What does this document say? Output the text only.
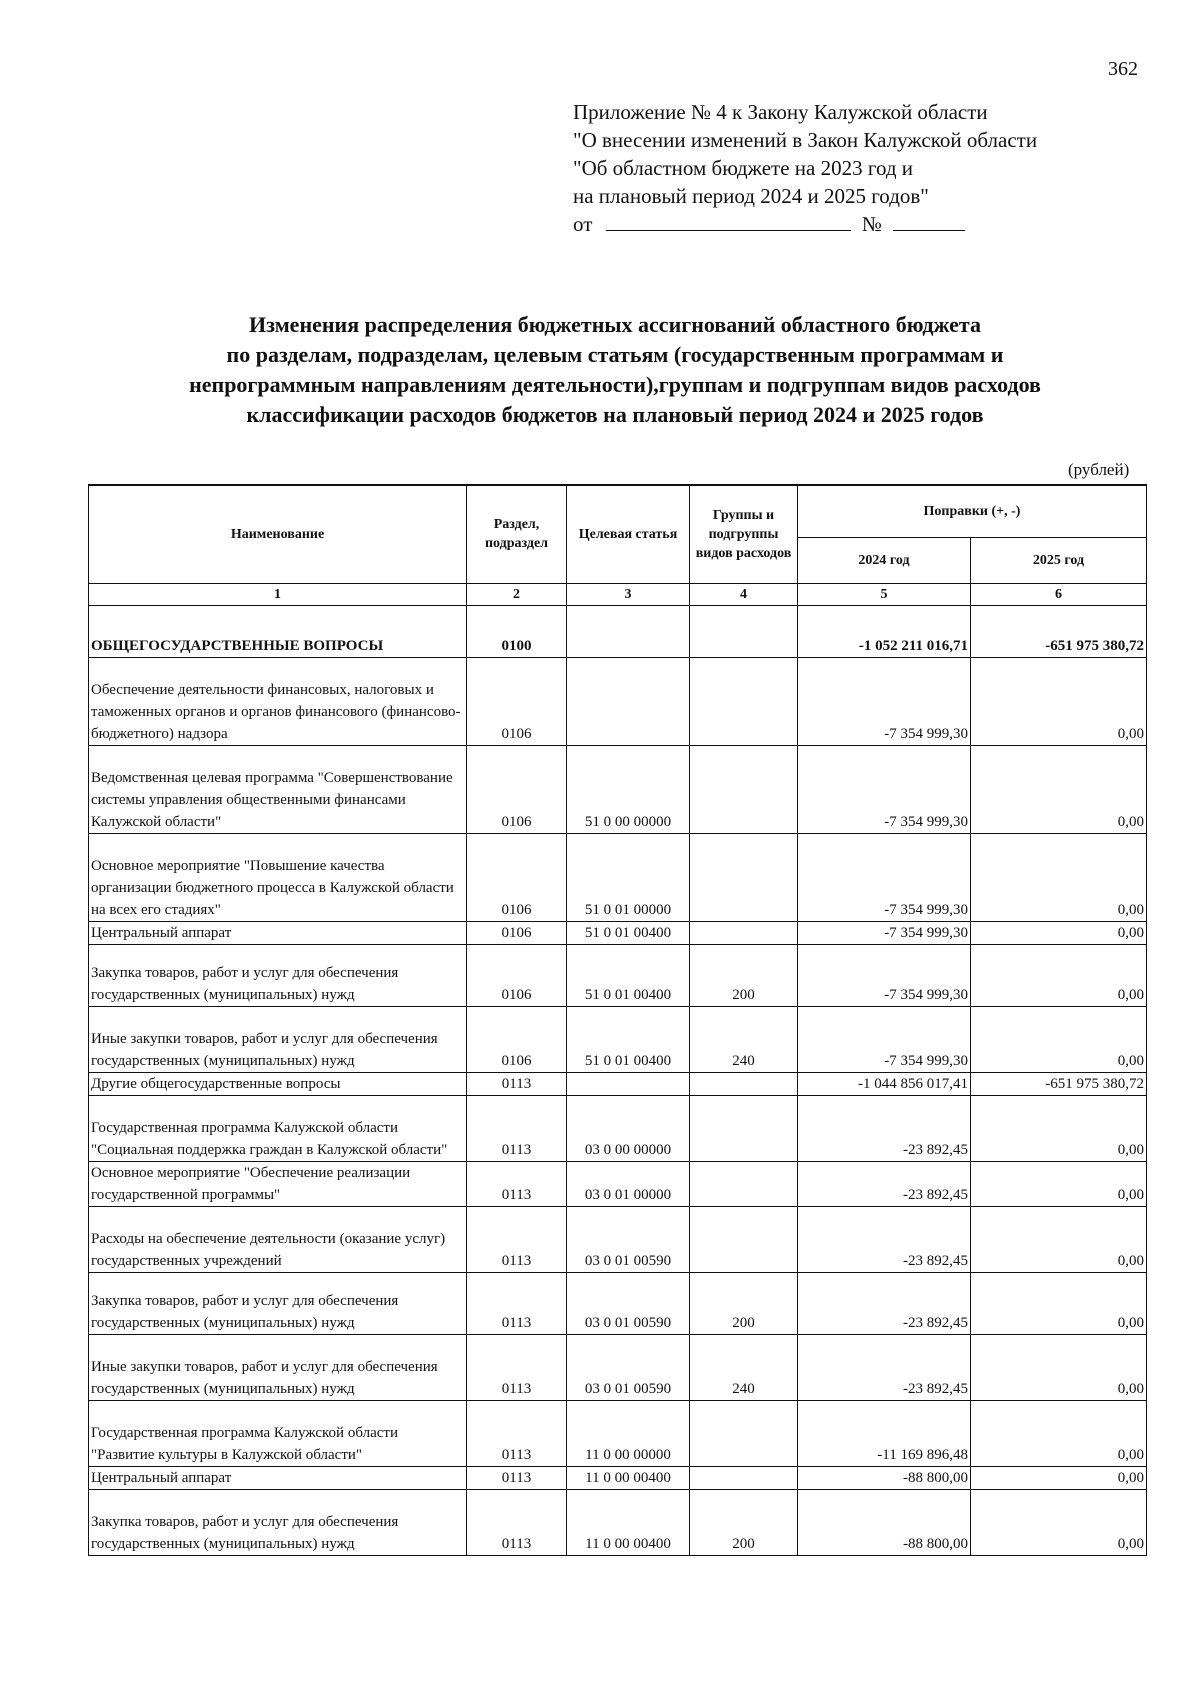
362
Приложение № 4 к Закону Калужской области
"О внесении изменений в Закон Калужской области
"Об областном бюджете на 2023 год и
на плановый период 2024 и 2025 годов"
от	№
Изменения распределения бюджетных ассигнований областного бюджета
по разделам, подразделам, целевым статьям (государственным программам и
непрограммным направлениям деятельности),группам и подгруппам видов расходов
классификации расходов бюджетов на плановый период 2024 и 2025 годов
(рублей)
Наименование	Раздел, подраздел	Целевая статья	Группы и подгруппы видов расходов	Поправки (+, -)	
				2024 год	2025 год
1	2	3	4	5	6
ОБЩЕГОСУДАРСТВЕННЫЕ ВОПРОСЫ	0100			-1 052 211 016,71	-651 975 380,72
Обеспечение деятельности финансовых, налоговых и таможенных органов и органов финансового (финансово-бюджетного) надзора	0106			-7 354 999,30	0,00
Ведомственная целевая программа "Совершенствование системы управления общественными финансами Калужской области"	0106	51 0 00 00000		-7 354 999,30	0,00
Основное мероприятие "Повышение качества организации бюджетного процесса в Калужской области на всех его стадиях"	0106	51 0 01 00000		-7 354 999,30	0,00
Центральный аппарат	0106	51 0 01 00400		-7 354 999,30	0,00
Закупка товаров, работ и услуг для обеспечения государственных (муниципальных) нужд	0106	51 0 01 00400	200	-7 354 999,30	0,00
Иные закупки товаров, работ и услуг для обеспечения государственных (муниципальных) нужд	0106	51 0 01 00400	240	-7 354 999,30	0,00
Другие общегосударственные вопросы	0113			-1 044 856 017,41	-651 975 380,72
Государственная программа Калужской области "Социальная поддержка граждан в Калужской области"	0113	03 0 00 00000		-23 892,45	0,00
Основное мероприятие "Обеспечение реализации государственной программы"	0113	03 0 01 00000		-23 892,45	0,00
Расходы на обеспечение деятельности (оказание услуг) государственных учреждений	0113	03 0 01 00590		-23 892,45	0,00
Закупка товаров, работ и услуг для обеспечения государственных (муниципальных) нужд	0113	03 0 01 00590	200	-23 892,45	0,00
Иные закупки товаров, работ и услуг для обеспечения государственных (муниципальных) нужд	0113	03 0 01 00590	240	-23 892,45	0,00
Государственная программа Калужской области "Развитие культуры в Калужской области"	0113	11 0 00 00000		-11 169 896,48	0,00
Центральный аппарат	0113	11 0 00 00400		-88 800,00	0,00
Закупка товаров, работ и услуг для обеспечения государственных (муниципальных) нужд	0113	11 0 00 00400	200	-88 800,00	0,00
